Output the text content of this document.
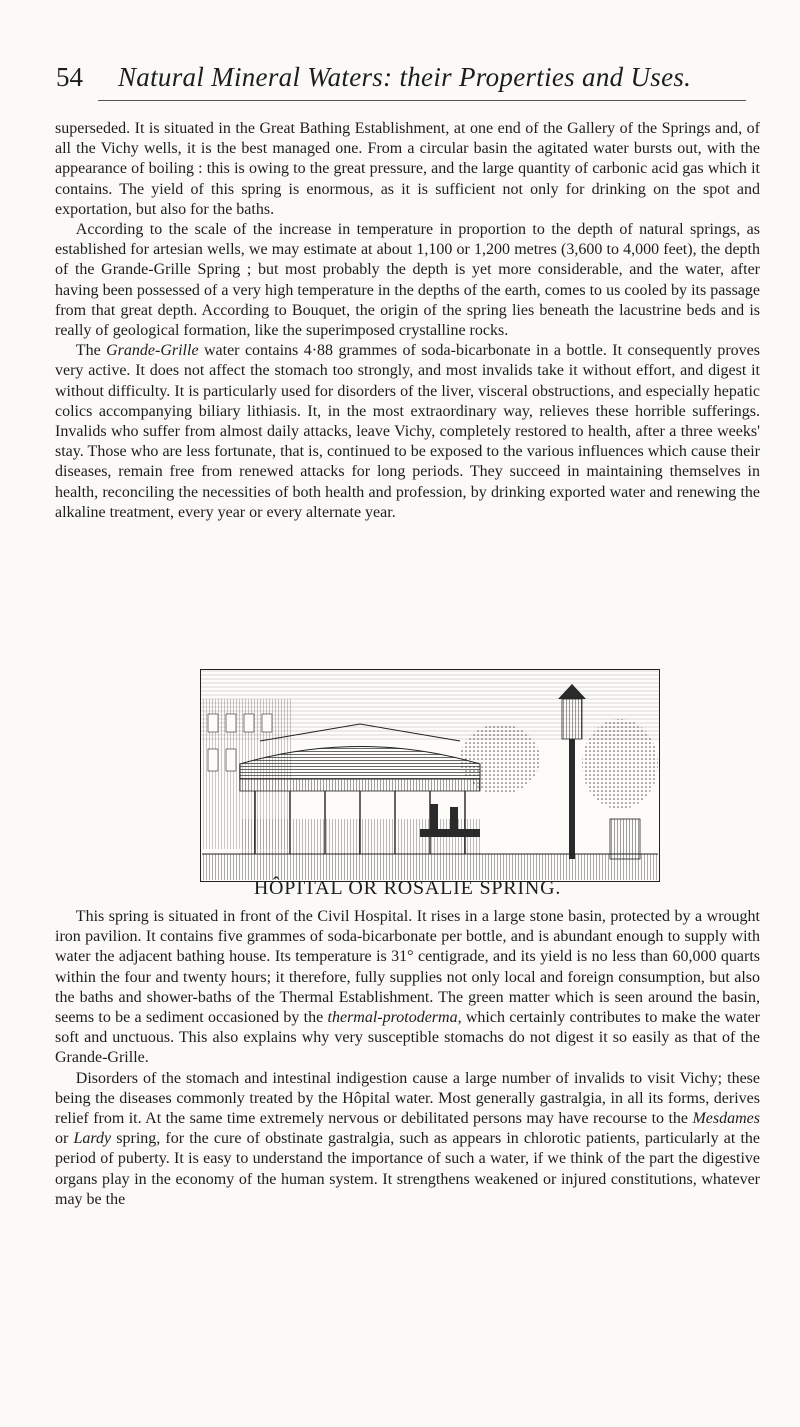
54 Natural Mineral Waters: their Properties and Uses.

superseded. It is situated in the Great Bathing Establishment, at one end of the Gallery of the Springs and, of all the Vichy wells, it is the best managed one. From a circular basin the agitated water bursts out, with the appearance of boiling : this is owing to the great pressure, and the large quantity of carbonic acid gas which it contains. The yield of this spring is enormous, as it is sufficient not only for drinking on the spot and exportation, but also for the baths.

According to the scale of the increase in temperature in proportion to the depth of natural springs, as established for artesian wells, we may estimate at about 1,100 or 1,200 metres (3,600 to 4,000 feet), the depth of the Grande-Grille Spring ; but most probably the depth is yet more considerable, and the water, after having been possessed of a very high temperature in the depths of the earth, comes to us cooled by its passage from that great depth. According to Bouquet, the origin of the spring lies beneath the lacustrine beds and is really of geological formation, like the superimposed crystalline rocks.

The Grande-Grille water contains 4·88 grammes of soda-bicarbonate in a bottle. It consequently proves very active. It does not affect the stomach too strongly, and most invalids take it without effort, and digest it without difficulty. It is particularly used for disorders of the liver, visceral obstructions, and especially hepatic colics accompanying biliary lithiasis. It, in the most extraordinary way, relieves these horrible sufferings. Invalids who suffer from almost daily attacks, leave Vichy, completely restored to health, after a three weeks' stay. Those who are less fortunate, that is, continued to be exposed to the various influences which cause their diseases, remain free from renewed attacks for long periods. They succeed in maintaining themselves in health, reconciling the necessities of both health and profession, by drinking exported water and renewing the alkaline treatment, every year or every alternate year.

HÔPITAL OR ROSALIE SPRING.

This spring is situated in front of the Civil Hospital. It rises in a large stone basin, protected by a wrought iron pavilion. It contains five grammes of soda-bicarbonate per bottle, and is abundant enough to supply with water the adjacent bathing house. Its temperature is 31° centigrade, and its yield is no less than 60,000 quarts within the four and twenty hours; it therefore, fully supplies not only local and foreign consumption, but also the baths and shower-baths of the Thermal Establishment. The green matter which is seen around the basin, seems to be a sediment occasioned by the thermal-protoderma, which certainly contributes to make the water soft and unctuous. This also explains why very susceptible stomachs do not digest it so easily as that of the Grande-Grille.

Disorders of the stomach and intestinal indigestion cause a large number of invalids to visit Vichy; these being the diseases commonly treated by the Hôpital water. Most generally gastralgia, in all its forms, derives relief from it. At the same time extremely nervous or debilitated persons may have recourse to the Mesdames or Lardy spring, for the cure of obstinate gastralgia, such as appears in chlorotic patients, particularly at the period of puberty. It is easy to understand the importance of such a water, if we think of the part the digestive organs play in the economy of the human system. It strengthens weakened or injured constitutions, whatever may be the
